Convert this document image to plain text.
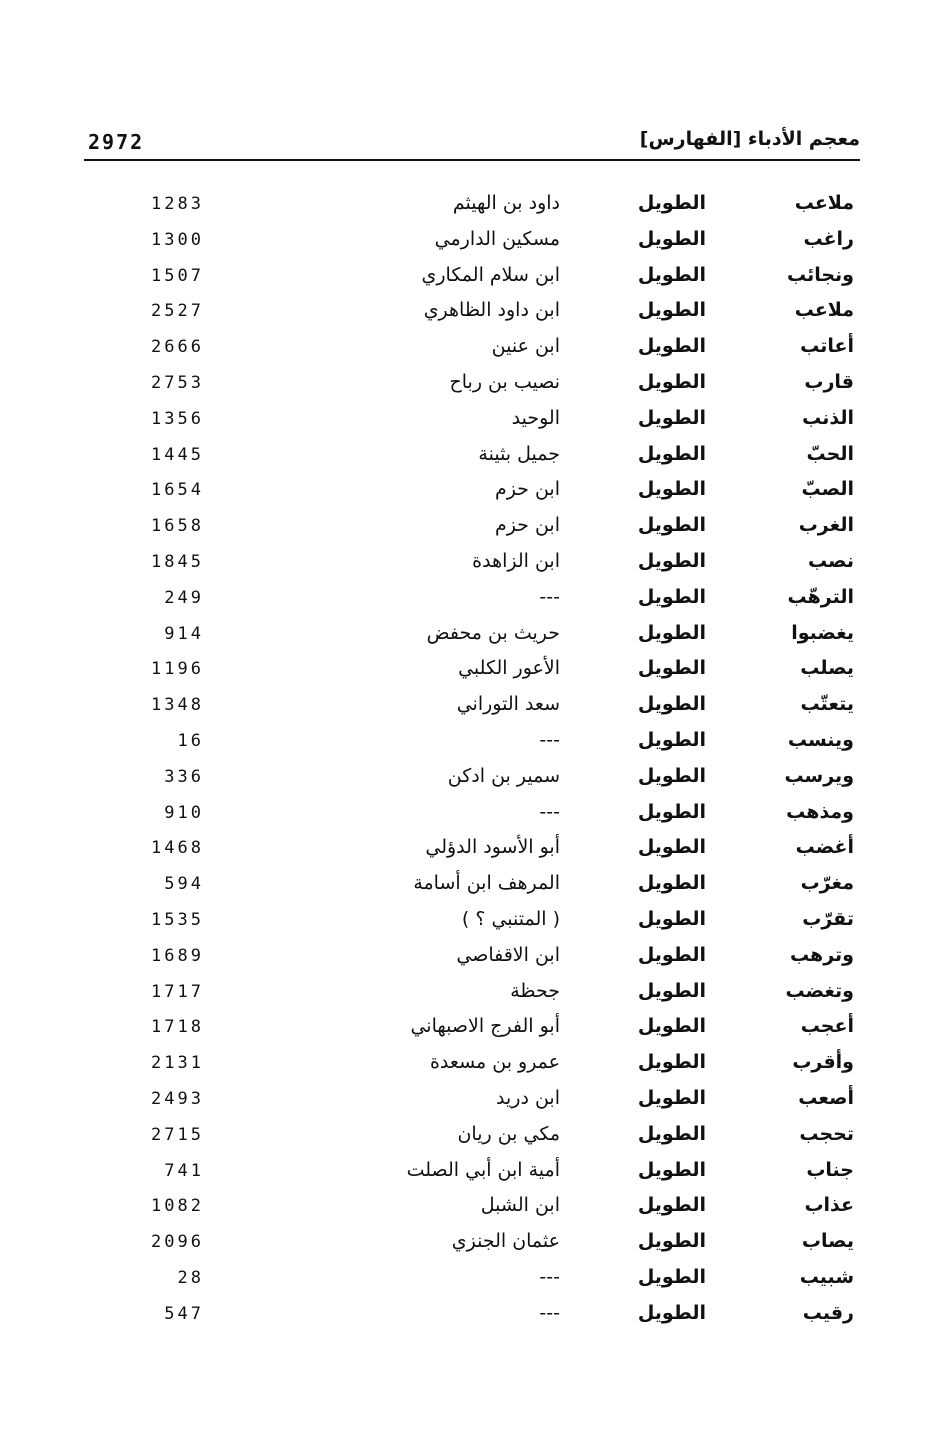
2972	معجم الأدباء [الفهارس]
ملاعب
الطويل
داود بن الهيثم
1283
راغب
الطويل
مسكين الدارمي
1300
ونجائب
الطويل
ابن سلام المكاري
1507
ملاعب
الطويل
ابن داود الظاهري
2527
أعاتب
الطويل
ابن عنين
2666
قارب
الطويل
نصيب بن رباح
2753
الذنب
الطويل
الوحيد
1356
الحبّ
الطويل
جميل بثينة
1445
الصبّ
الطويل
ابن حزم
1654
الغرب
الطويل
ابن حزم
1658
نصب
الطويل
ابن الزاهدة
1845
الترهّب
الطويل
---
249
يغضبوا
الطويل
حريث بن محفض
914
يصلب
الطويل
الأعور الكلبي
1196
يتعتّب
الطويل
سعد التوراني
1348
وينسب
الطويل
---
16
ويرسب
الطويل
سمير بن ادكن
336
ومذهب
الطويل
---
910
أغضب
الطويل
أبو الأسود الدؤلي
1468
مغرّب
الطويل
المرهف ابن أسامة
594
تقرّب
الطويل
( المتنبي ؟ )
1535
وترهب
الطويل
ابن الاقفاصي
1689
وتغضب
الطويل
جحظة
1717
أعجب
الطويل
أبو الفرج الاصبهاني
1718
وأقرب
الطويل
عمرو بن مسعدة
2131
أصعب
الطويل
ابن دريد
2493
تحجب
الطويل
مكي بن ريان
2715
جناب
الطويل
أمية ابن أبي الصلت
741
عذاب
الطويل
ابن الشبل
1082
يصاب
الطويل
عثمان الجنزي
2096
شبيب
الطويل
---
28
رقيب
الطويل
---
547
